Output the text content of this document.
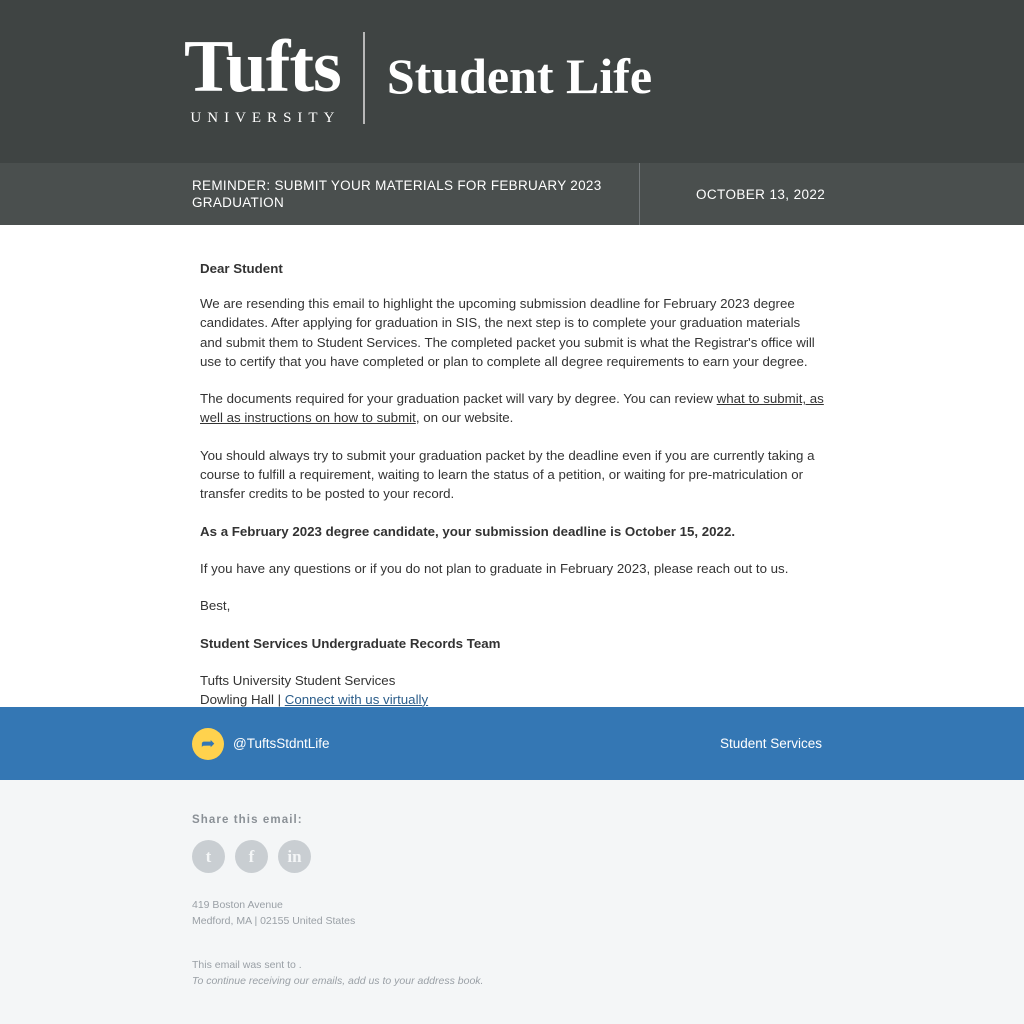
Tufts
UNIVERSITY
Student Life
REMINDER: SUBMIT YOUR MATERIALS FOR FEBRUARY 2023 GRADUATION
OCTOBER 13, 2022
Dear Student

We are resending this email to highlight the upcoming submission deadline for February 2023 degree candidates. After applying for graduation in SIS, the next step is to complete your graduation materials and submit them to Student Services. The completed packet you submit is what the Registrar's office will use to certify that you have completed or plan to complete all degree requirements to earn your degree.

The documents required for your graduation packet will vary by degree. You can review what to submit, as well as instructions on how to submit, on our website.

You should always try to submit your graduation packet by the deadline even if you are currently taking a course to fulfill a requirement, waiting to learn the status of a petition, or waiting for pre-matriculation or transfer credits to be posted to your record.

As a February 2023 degree candidate, your submission deadline is October 15, 2022.

If you have any questions or if you do not plan to graduate in February 2023, please reach out to us.

Best,

Student Services Undergraduate Records Team

Tufts University Student Services
Dowling Hall | Connect with us virtually
➦ @TuftsStdntLife	Student Services
Share this email:
t f in
419 Boston Avenue
Medford, MA | 02155 United States
This email was sent to .
To continue receiving our emails, add us to your address book.
